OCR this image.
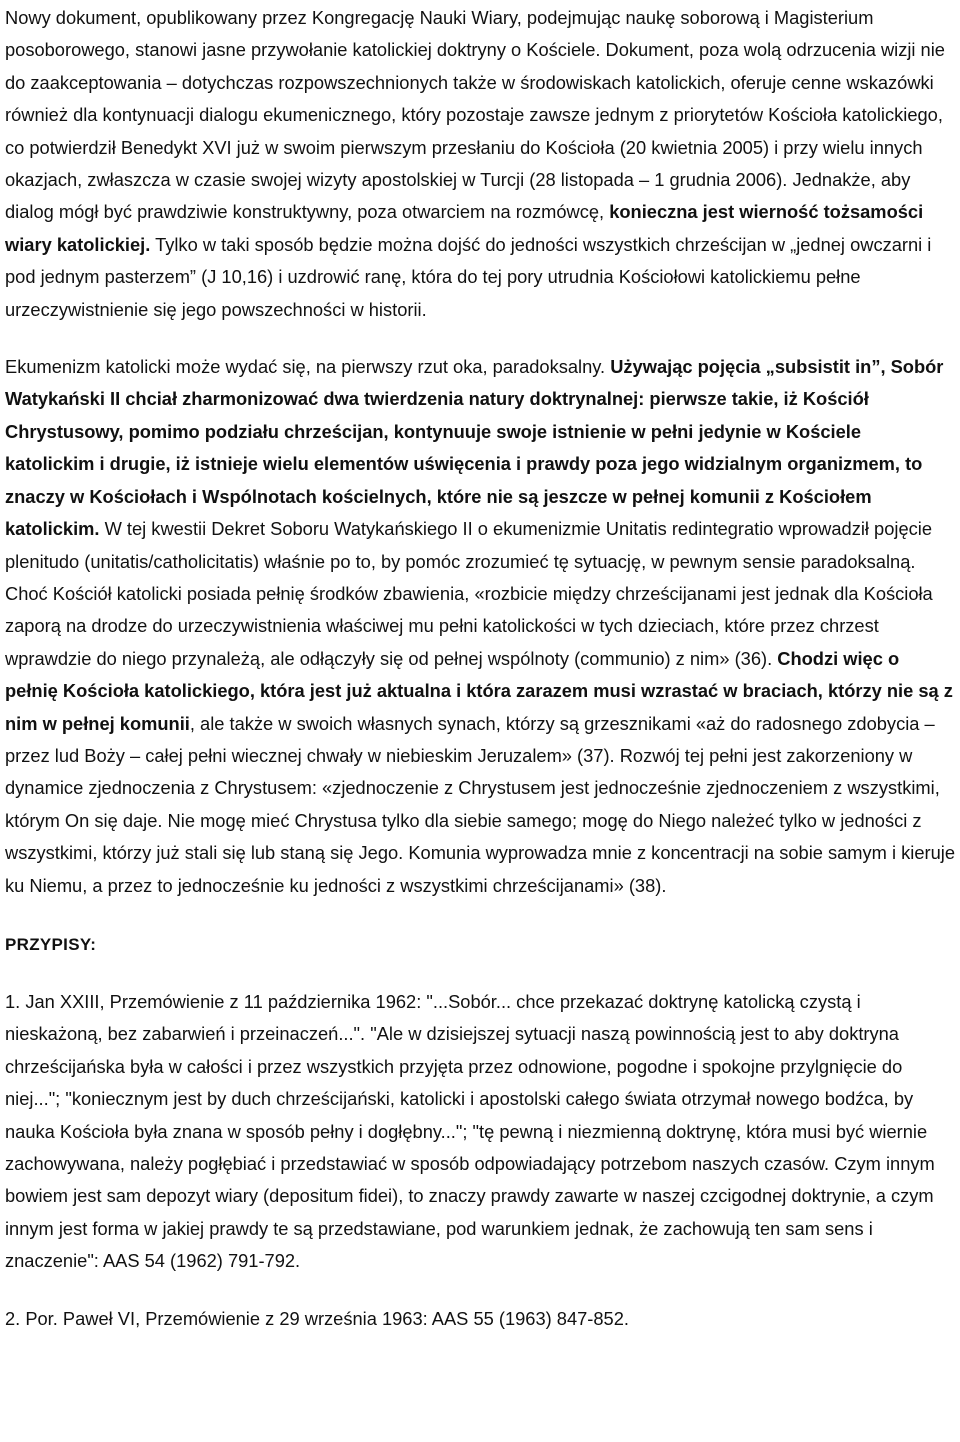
Nowy dokument, opublikowany przez Kongregację Nauki Wiary, podejmując naukę soborową i Magisterium posoborowego, stanowi jasne przywołanie katolickiej doktryny o Kościele. Dokument, poza wolą odrzucenia wizji nie do zaakceptowania – dotychczas rozpowszechnionych także w środowiskach katolickich, oferuje cenne wskazówki również dla kontynuacji dialogu ekumenicznego, który pozostaje zawsze jednym z priorytetów Kościoła katolickiego, co potwierdził Benedykt XVI już w swoim pierwszym przesłaniu do Kościoła (20 kwietnia 2005) i przy wielu innych okazjach, zwłaszcza w czasie swojej wizyty apostolskiej w Turcji (28 listopada – 1 grudnia 2006). Jednakże, aby dialog mógł być prawdziwie konstruktywny, poza otwarciem na rozmówcę, konieczna jest wierność tożsamości wiary katolickiej. Tylko w taki sposób będzie można dojść do jedności wszystkich chrześcijan w „jednej owczarni i pod jednym pasterzem” (J 10,16) i uzdrowić ranę, która do tej pory utrudnia Kościołowi katolickiemu pełne urzeczywistnienie się jego powszechności w historii.

Ekumenizm katolicki może wydać się, na pierwszy rzut oka, paradoksalny. Używając pojęcia „subsistit in”, Sobór Watykański II chciał zharmonizować dwa twierdzenia natury doktrynalnej: pierwsze takie, iż Kościół Chrystusowy, pomimo podziału chrześcijan, kontynuuje swoje istnienie w pełni jedynie w Kościele katolickim i drugie, iż istnieje wielu elementów uświęcenia i prawdy poza jego widzialnym organizmem, to znaczy w Kościołach i Wspólnotach kościelnych, które nie są jeszcze w pełnej komunii z Kościołem katolickim. W tej kwestii Dekret Soboru Watykańskiego II o ekumenizmie Unitatis redintegratio wprowadził pojęcie plenitudo (unitatis/catholicitatis) właśnie po to, by pomóc zrozumieć tę sytuację, w pewnym sensie paradoksalną. Choć Kościół katolicki posiada pełnię środków zbawienia, «rozbicie między chrześcijanami jest jednak dla Kościoła zaporą na drodze do urzeczywistnienia właściwej mu pełni katolickości w tych dzieciach, które przez chrzest wprawdzie do niego przynależą, ale odłączyły się od pełnej wspólnoty (communio) z nim» (36). Chodzi więc o pełnię Kościoła katolickiego, która jest już aktualna i która zarazem musi wzrastać w braciach, którzy nie są z nim w pełnej komunii, ale także w swoich własnych synach, którzy są grzesznikami «aż do radosnego zdobycia – przez lud Boży – całej pełni wiecznej chwały w niebieskim Jeruzalem» (37). Rozwój tej pełni jest zakorzeniony w dynamice zjednoczenia z Chrystusem: «zjednoczenie z Chrystusem jest jednocześnie zjednoczeniem z wszystkimi, którym On się daje. Nie mogę mieć Chrystusa tylko dla siebie samego; mogę do Niego należeć tylko w jedności z wszystkimi, którzy już stali się lub staną się Jego. Komunia wyprowadza mnie z koncentracji na sobie samym i kieruje ku Niemu, a przez to jednocześnie ku jedności z wszystkimi chrześcijanami» (38).

PRZYPISY:

1. Jan XXIII, Przemówienie z 11 października 1962: "...Sobór... chce przekazać doktrynę katolicką czystą i nieskażoną, bez zabarwień i przeinaczeń...". "Ale w dzisiejszej sytuacji naszą powinnością jest to aby doktryna chrześcijańska była w całości i przez wszystkich przyjęta przez odnowione, pogodne i spokojne przylgnięcie do niej..."; "koniecznym jest by duch chrześcijański, katolicki i apostolski całego świata otrzymał nowego bodźca, by nauka Kościoła była znana w sposób pełny i dogłębny..."; "tę pewną i niezmienną doktrynę, która musi być wiernie zachowywana, należy pogłębiać i przedstawiać w sposób odpowiadający potrzebom naszych czasów. Czym innym bowiem jest sam depozyt wiary (depositum fidei), to znaczy prawdy zawarte w naszej czcigodnej doktrynie, a czym innym jest forma w jakiej prawdy te są przedstawiane, pod warunkiem jednak, że zachowują ten sam sens i znaczenie": AAS 54 (1962) 791-792.

2. Por. Paweł VI, Przemówienie z 29 września 1963: AAS 55 (1963) 847-852.
